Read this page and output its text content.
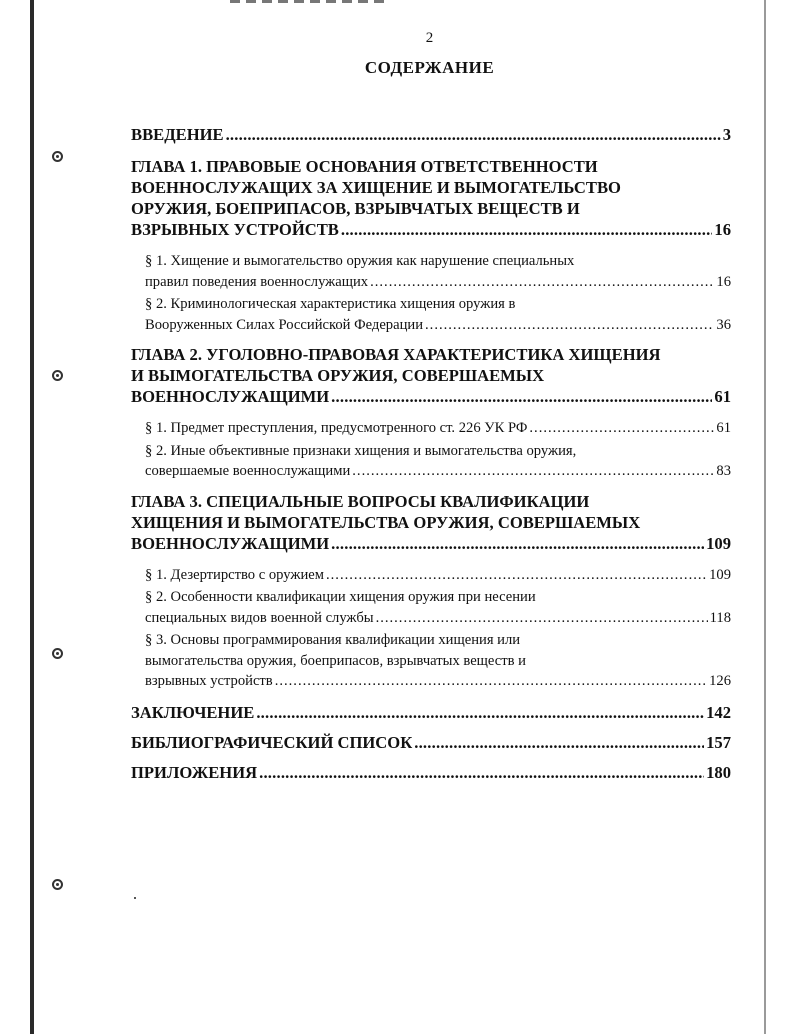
2
СОДЕРЖАНИЕ
ВВЕДЕНИЕ .....	3
ГЛАВА 1. ПРАВОВЫЕ ОСНОВАНИЯ ОТВЕТСТВЕННОСТИ
ВОЕННОСЛУЖАЩИХ ЗА ХИЩЕНИЕ И ВЫМОГАТЕЛЬСТВО
ОРУЖИЯ, БОЕПРИПАСОВ, ВЗРЫВЧАТЫХ ВЕЩЕСТВ И
ВЗРЫВНЫХ УСТРОЙСТВ .....	16
§ 1. Хищение и вымогательство оружия как нарушение специальных
правил поведения военнослужащих .....	16
§ 2. Криминологическая характеристика хищения оружия в
Вооруженных Силах Российской Федерации .....	36
ГЛАВА 2. УГОЛОВНО-ПРАВОВАЯ ХАРАКТЕРИСТИКА ХИЩЕНИЯ
И ВЫМОГАТЕЛЬСТВА ОРУЖИЯ, СОВЕРШАЕМЫХ
ВОЕННОСЛУЖАЩИМИ .....	61
§ 1. Предмет преступления, предусмотренного ст. 226 УК РФ .....	61
§ 2. Иные объективные признаки хищения и вымогательства оружия,
совершаемые военнослужащими .....	83
ГЛАВА 3. СПЕЦИАЛЬНЫЕ ВОПРОСЫ КВАЛИФИКАЦИИ
ХИЩЕНИЯ И ВЫМОГАТЕЛЬСТВА ОРУЖИЯ, СОВЕРШАЕМЫХ
ВОЕННОСЛУЖАЩИМИ .....	109
§ 1. Дезертирство с оружием .....	109
§ 2. Особенности квалификации хищения оружия при несении
специальных видов военной службы .....	118
§ 3. Основы программирования квалификации хищения или
вымогательства оружия, боеприпасов, взрывчатых веществ и
взрывных устройств .....	126
ЗАКЛЮЧЕНИЕ .....	142
БИБЛИОГРАФИЧЕСКИЙ СПИСОК .....	157
ПРИЛОЖЕНИЯ .....	180
